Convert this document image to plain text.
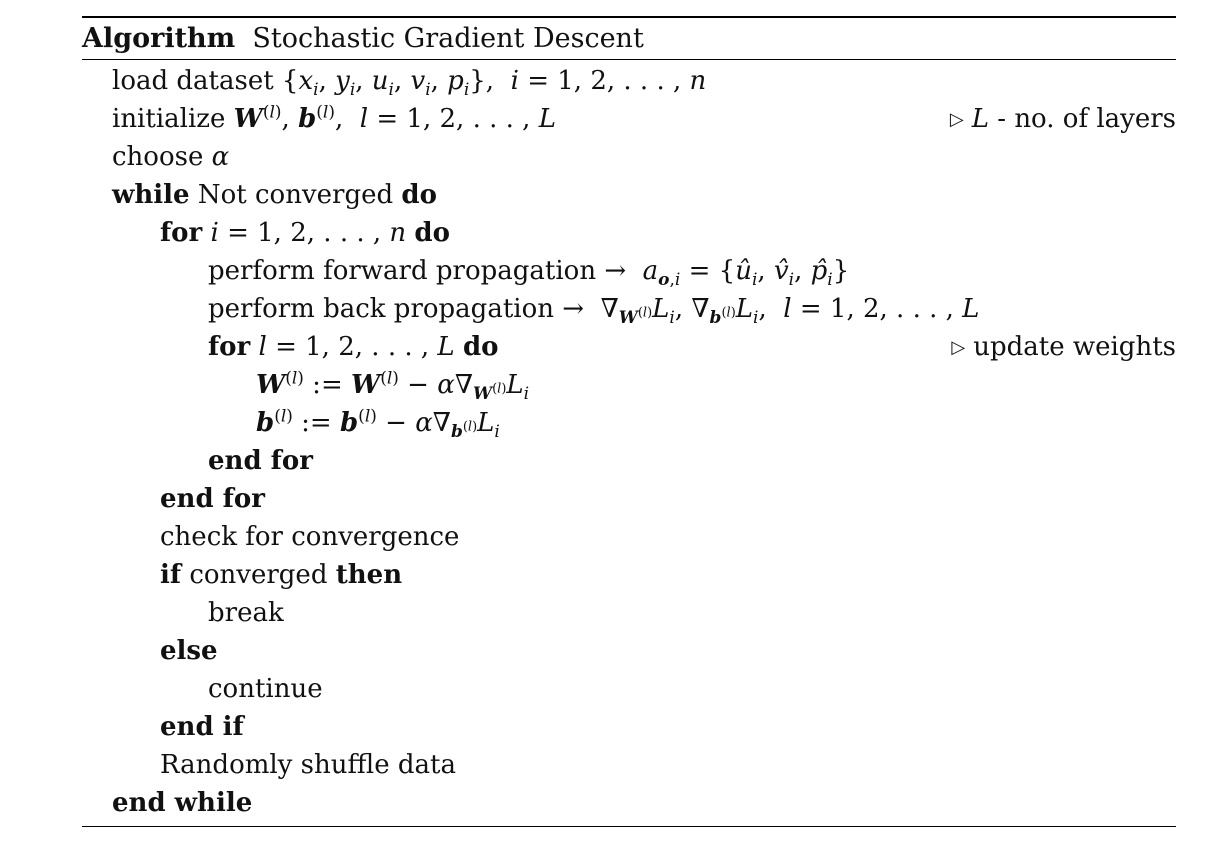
Algorithm Stochastic Gradient Descent
load dataset {$x_i$, $y_i$, $u_i$, $v_i$, $p_i$},  i = 1, 2, . . . , n
initialize $W^{(l)}$, $b^{(l)}$,  l = 1, 2, . . . , L	▷ L - no. of layers
choose α
while Not converged do
for i = 1, 2, . . . , n do
perform forward propagation →  $a_{o,i}$ = {$û_i$, $v̂_i$, $p̂_i$}
perform back propagation →  $\nabla_{W^{(l)}}L_i$, $\nabla_{b^{(l)}}L_i$,  l = 1, 2, . . . , L
for l = 1, 2, . . . , L do	▷ update weights
$W^{(l)}$ := $W^{(l)} - \alpha\nabla_{W^{(l)}}L_i$
$b^{(l)}$ := $b^{(l)} - \alpha\nabla_{b^{(l)}}L_i$
end for
end for
check for convergence
if converged then
break
else
continue
end if
Randomly shuffle data
end while
